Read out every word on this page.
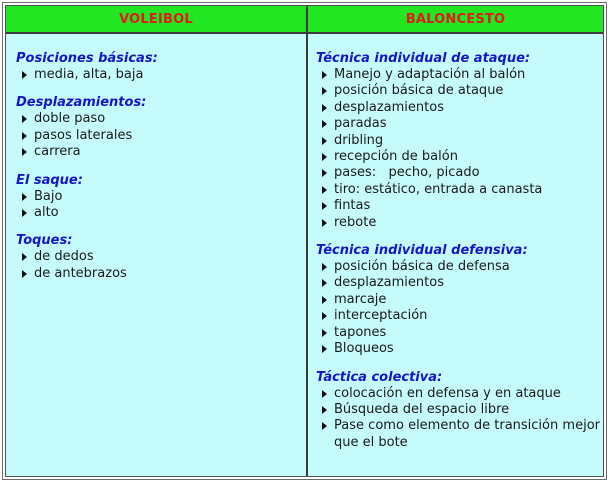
VOLEIBOL	BALONCESTO
Posiciones básicas:
media, alta, baja
Desplazamientos:
doble paso
pasos laterales
carrera
El saque:
Bajo
alto
Toques:
de dedos
de antebrazos
Técnica individual de ataque:
Manejo y adaptación al balón
posición básica de ataque
desplazamientos
paradas
dribling
recepción de balón
pases:   pecho, picado
tiro: estático, entrada a canasta
fintas
rebote
Técnica individual defensiva:
posición básica de defensa
desplazamientos
marcaje
interceptación
tapones
Bloqueos
Táctica colectiva:
colocación en defensa y en ataque
Búsqueda del espacio libre
Pase como elemento de transición mejor que el bote
